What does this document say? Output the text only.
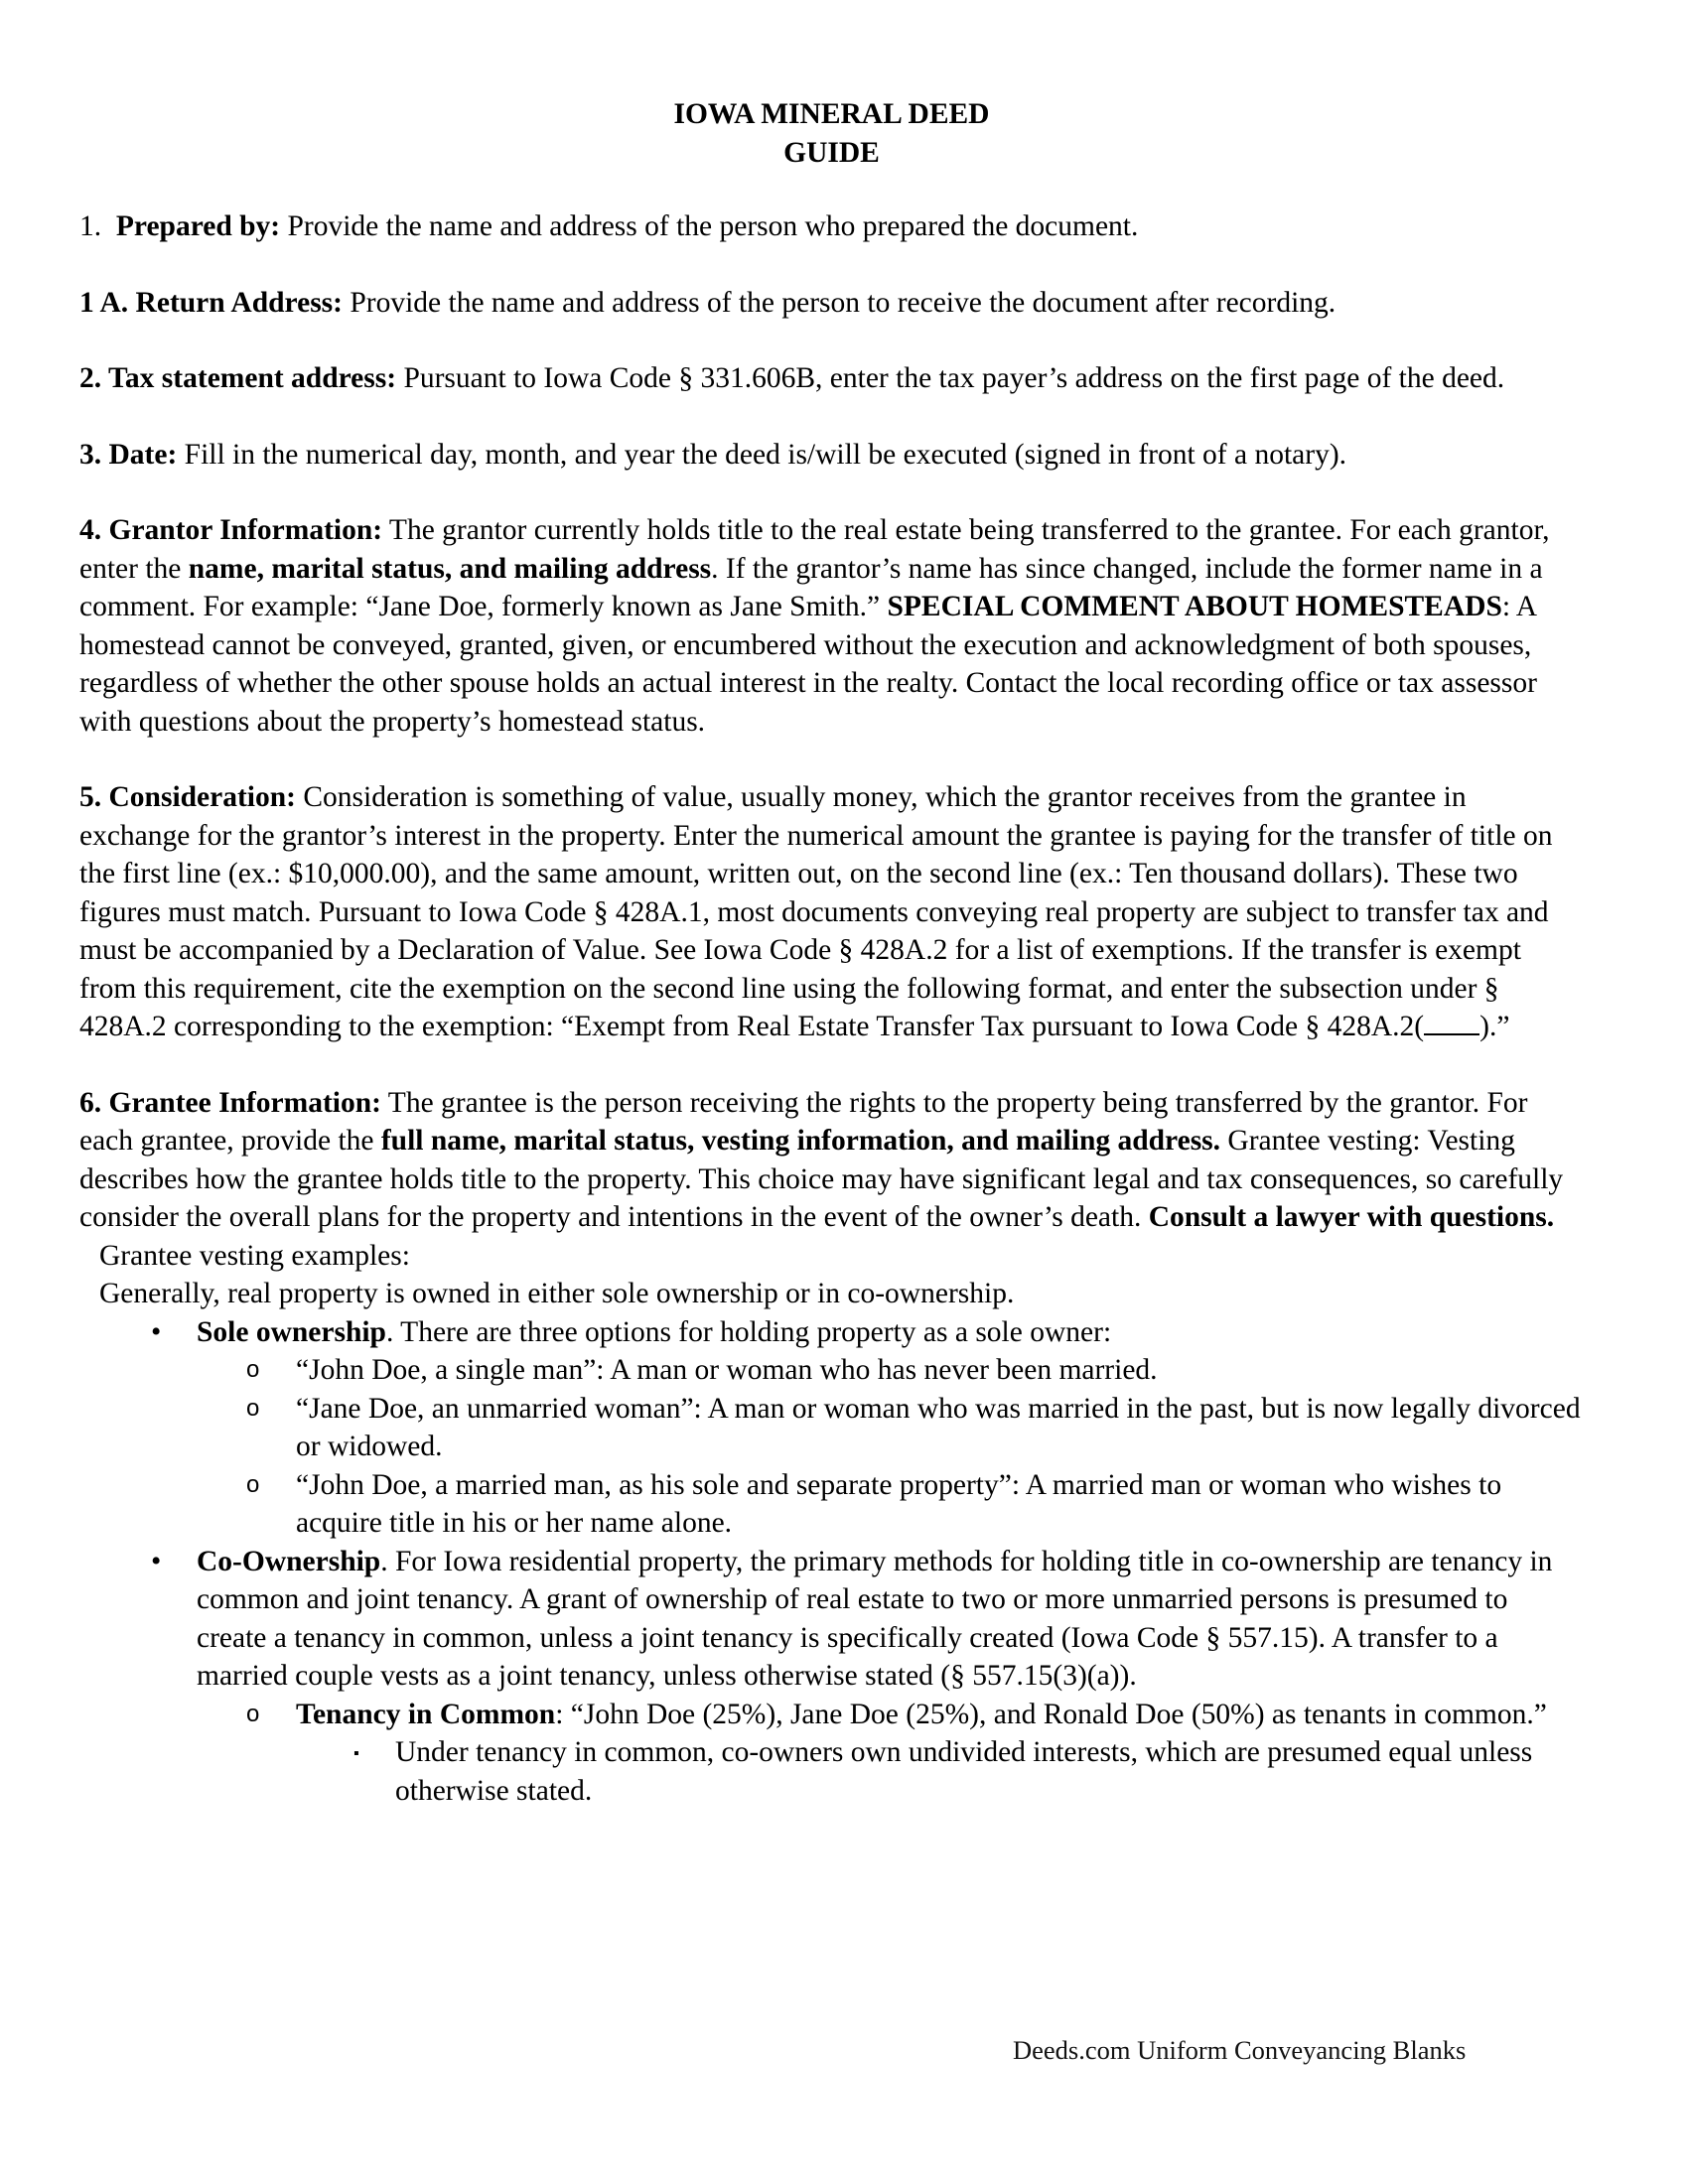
IOWA MINERAL DEED
GUIDE

1. Prepared by: Provide the name and address of the person who prepared the document.

1 A. Return Address: Provide the name and address of the person to receive the document after recording.

2. Tax statement address: Pursuant to Iowa Code § 331.606B, enter the tax payer’s address on the first page of the deed.

3. Date: Fill in the numerical day, month, and year the deed is/will be executed (signed in front of a notary).

4. Grantor Information: The grantor currently holds title to the real estate being transferred to the grantee. For each grantor, enter the name, marital status, and mailing address. If the grantor’s name has since changed, include the former name in a comment. For example: “Jane Doe, formerly known as Jane Smith.” SPECIAL COMMENT ABOUT HOMESTEADS: A homestead cannot be conveyed, granted, given, or encumbered without the execution and acknowledgment of both spouses, regardless of whether the other spouse holds an actual interest in the realty. Contact the local recording office or tax assessor with questions about the property’s homestead status.

5. Consideration: Consideration is something of value, usually money, which the grantor receives from the grantee in exchange for the grantor’s interest in the property. Enter the numerical amount the grantee is paying for the transfer of title on the first line (ex.: $10,000.00), and the same amount, written out, on the second line (ex.: Ten thousand dollars). These two figures must match. Pursuant to Iowa Code § 428A.1, most documents conveying real property are subject to transfer tax and must be accompanied by a Declaration of Value. See Iowa Code § 428A.2 for a list of exemptions. If the transfer is exempt from this requirement, cite the exemption on the second line using the following format, and enter the subsection under § 428A.2 corresponding to the exemption: “Exempt from Real Estate Transfer Tax pursuant to Iowa Code § 428A.2( ).”

6. Grantee Information: The grantee is the person receiving the rights to the property being transferred by the grantor. For each grantee, provide the full name, marital status, vesting information, and mailing address. Grantee vesting: Vesting describes how the grantee holds title to the property. This choice may have significant legal and tax consequences, so carefully consider the overall plans for the property and intentions in the event of the owner’s death. Consult a lawyer with questions.

Grantee vesting examples:
Generally, real property is owned in either sole ownership or in co-ownership.
• Sole ownership. There are three options for holding property as a sole owner:
o “John Doe, a single man”: A man or woman who has never been married.
o “Jane Doe, an unmarried woman”: A man or woman who was married in the past, but is now legally divorced or widowed.
o “John Doe, a married man, as his sole and separate property”: A married man or woman who wishes to acquire title in his or her name alone.
• Co-Ownership. For Iowa residential property, the primary methods for holding title in co-ownership are tenancy in common and joint tenancy. A grant of ownership of real estate to two or more unmarried persons is presumed to create a tenancy in common, unless a joint tenancy is specifically created (Iowa Code § 557.15). A transfer to a married couple vests as a joint tenancy, unless otherwise stated (§ 557.15(3)(a)).
o Tenancy in Common: “John Doe (25%), Jane Doe (25%), and Ronald Doe (50%) as tenants in common.”
▪ Under tenancy in common, co-owners own undivided interests, which are presumed equal unless otherwise stated.
Deeds.com Uniform Conveyancing Blanks
